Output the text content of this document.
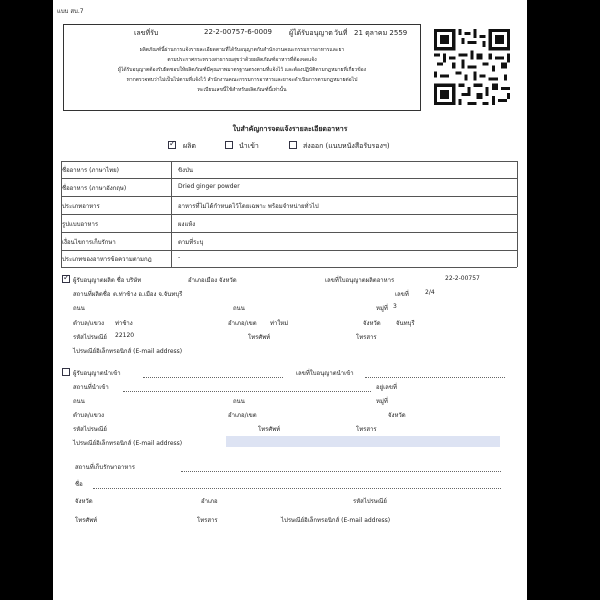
แบบ สบ.7
เลขที่รับ	22-2-00757-6-0009 ผู้ได้รับอนุญาต วันที่ 21 ตุลาคม 2559
ผลิตภัณฑ์นี้ผ่านการแจ้งรายละเอียดตามที่ได้รับอนุญาตกับสำนักงานคณะกรรมการอาหารและยา
ตามประกาศกระทรวงสาธารณสุขว่าด้วยผลิตภัณฑ์อาหารที่ต้องจดแจ้ง
ผู้ได้รับอนุญาตต้องรับผิดชอบให้ผลิตภัณฑ์มีคุณภาพมาตรฐานตรงตามที่แจ้งไว้ และต้องปฏิบัติตามกฎหมายที่เกี่ยวข้อง
หากตรวจพบว่าไม่เป็นไปตามที่แจ้งไว้ สำนักงานคณะกรรมการอาหารและยาจะดำเนินการตามกฎหมายต่อไป
ทะเบียนเลขนี้ใช้สำหรับผลิตภัณฑ์นี้เท่านั้น
ใบสำคัญการจดแจ้งรายละเอียดอาหาร
✓
ผลิต	นำเข้า	ส่งออก (แนบหนังสือรับรองฯ)
ชื่ออาหาร (ภาษาไทย)	ขิงป่น
ชื่ออาหาร (ภาษาอังกฤษ)	Dried ginger powder
ประเภทอาหาร	อาหารที่ไม่ได้กำหนดไว้โดยเฉพาะ พร้อมจำหน่ายทั่วไป
รูปแบบอาหาร	ผงแห้ง
เงื่อนไขการเก็บรักษา	ตามที่ระบุ
ประเภทของอาหารข้อความตามกฎ	-
✓
ผู้รับอนุญาตผลิต ชื่อ บริษัท	อำเภอเมือง จังหวัด	เลขที่ใบอนุญาตผลิตอาหาร	22-2-00757
สถานที่ผลิตชื่อ ต.ท่าช้าง อ.เมือง จ.จันทบุรี	เลขที่	2/4
ถนน	ถนน	หมู่ที่ 3
ตำบล/แขวง ท่าช้าง	อำเภอ/เขต ท่าใหม่	จังหวัด	จันทบุรี
รหัสไปรษณีย์ 22120	โทรศัพท์	โทรสาร
ไปรษณีย์อิเล็กทรอนิกส์ (E-mail address)
ผู้รับอนุญาตนำเข้า	เลขที่ใบอนุญาตนำเข้า
สถานที่นำเข้า	อยู่เลขที่
ถนน	ถนน	หมู่ที่
ตำบล/แขวง	อำเภอ/เขต	จังหวัด
รหัสไปรษณีย์	โทรศัพท์	โทรสาร
ไปรษณีย์อิเล็กทรอนิกส์ (E-mail address)
สถานที่เก็บรักษาอาหาร
ชื่อ
จังหวัด	อำเภอ	รหัสไปรษณีย์
โทรศัพท์	โทรสาร	ไปรษณีย์อิเล็กทรอนิกส์ (E-mail address)
